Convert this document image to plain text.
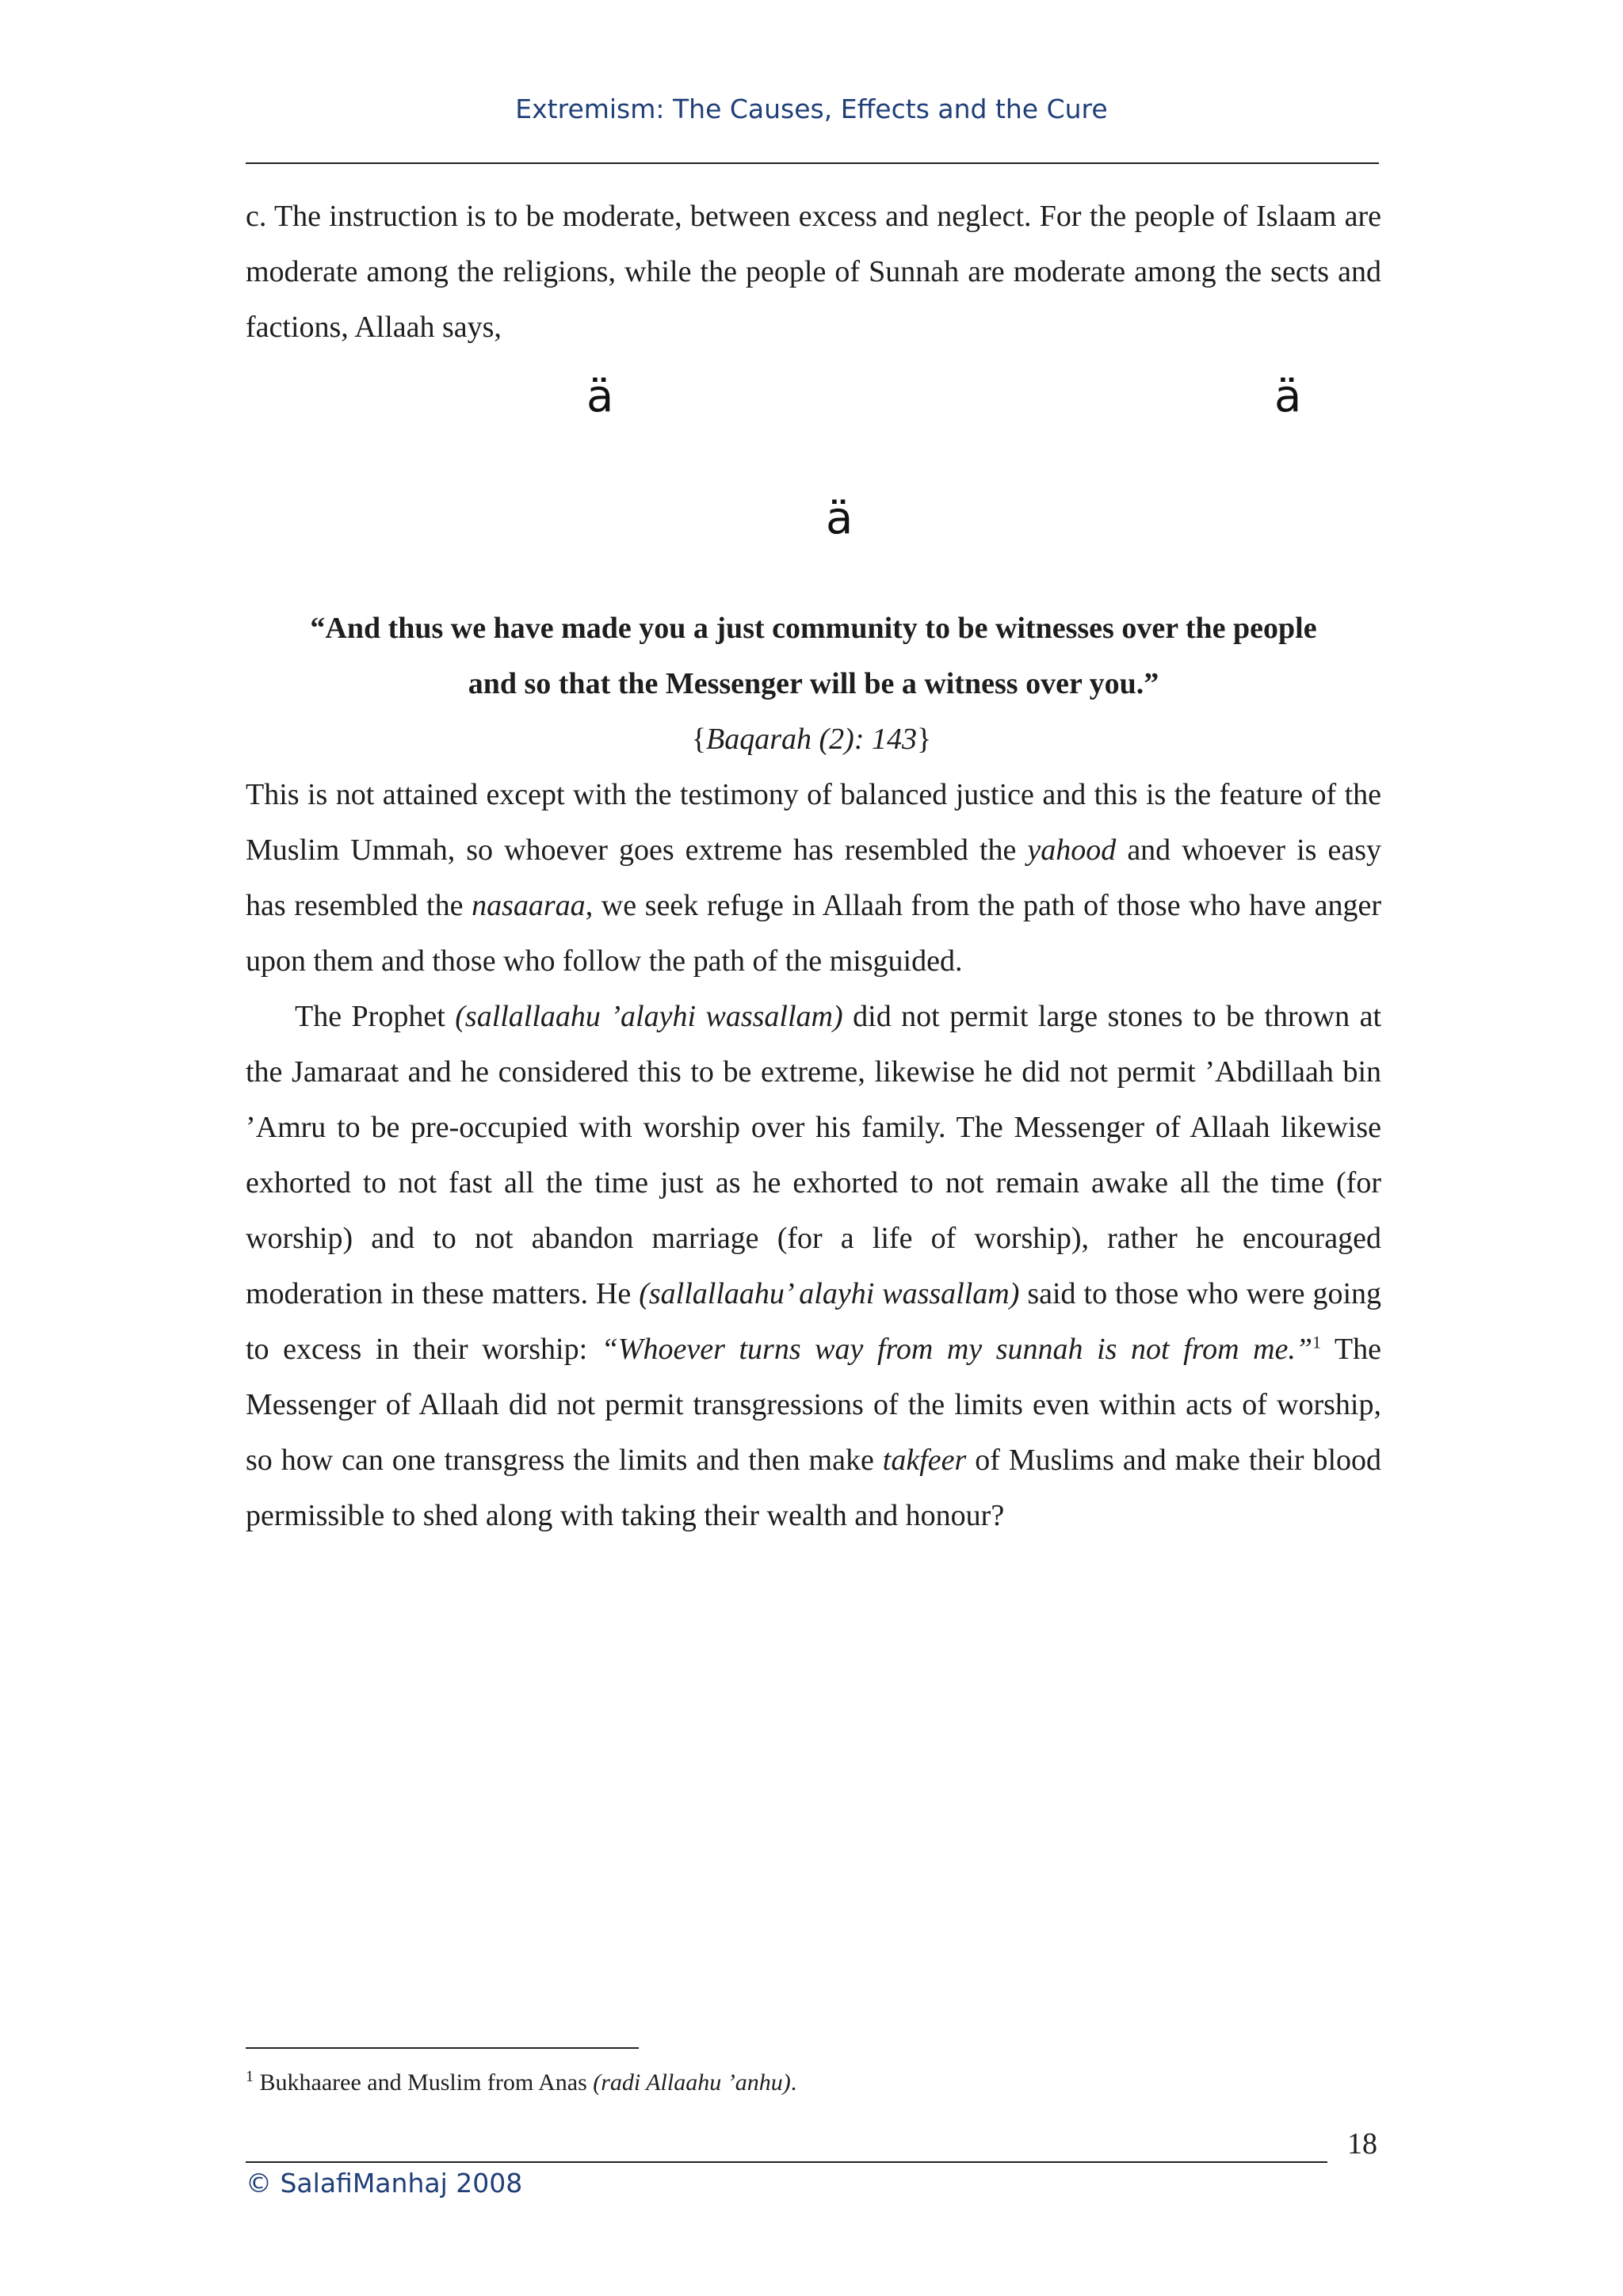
Extremism: The Causes, Effects and the Cure

c. The instruction is to be moderate, between excess and neglect. For the people of Islaam are moderate among the religions, while the people of Sunnah are moderate among the sects and factions, Allaah says,

ä	ä
ä
“And thus we have made you a just community to be witnesses over the people
and so that the Messenger will be a witness over you.”
{Baqarah (2): 143}

This is not attained except with the testimony of balanced justice and this is the feature of the Muslim Ummah, so whoever goes extreme has resembled the yahood and whoever is easy has resembled the nasaaraa, we seek refuge in Allaah from the path of those who have anger upon them and those who follow the path of the misguided.

The Prophet (sallallaahu ’alayhi wassallam) did not permit large stones to be thrown at the Jamaraat and he considered this to be extreme, likewise he did not permit ’Abdillaah bin ’Amru to be pre-occupied with worship over his family. The Messenger of Allaah likewise exhorted to not fast all the time just as he exhorted to not remain awake all the time (for worship) and to not abandon marriage (for a life of worship), rather he encouraged moderation in these matters. He (sallallaahu’ alayhi wassallam) said to those who were going to excess in their worship: “Whoever turns way from my sunnah is not from me.”$^1$ The Messenger of Allaah did not permit transgressions of the limits even within acts of worship, so how can one transgress the limits and then make takfeer of Muslims and make their blood permissible to shed along with taking their wealth and honour?

$^1$ Bukhaaree and Muslim from Anas (radi Allaahu ’anhu).
18
© SalafiManhaj 2008
